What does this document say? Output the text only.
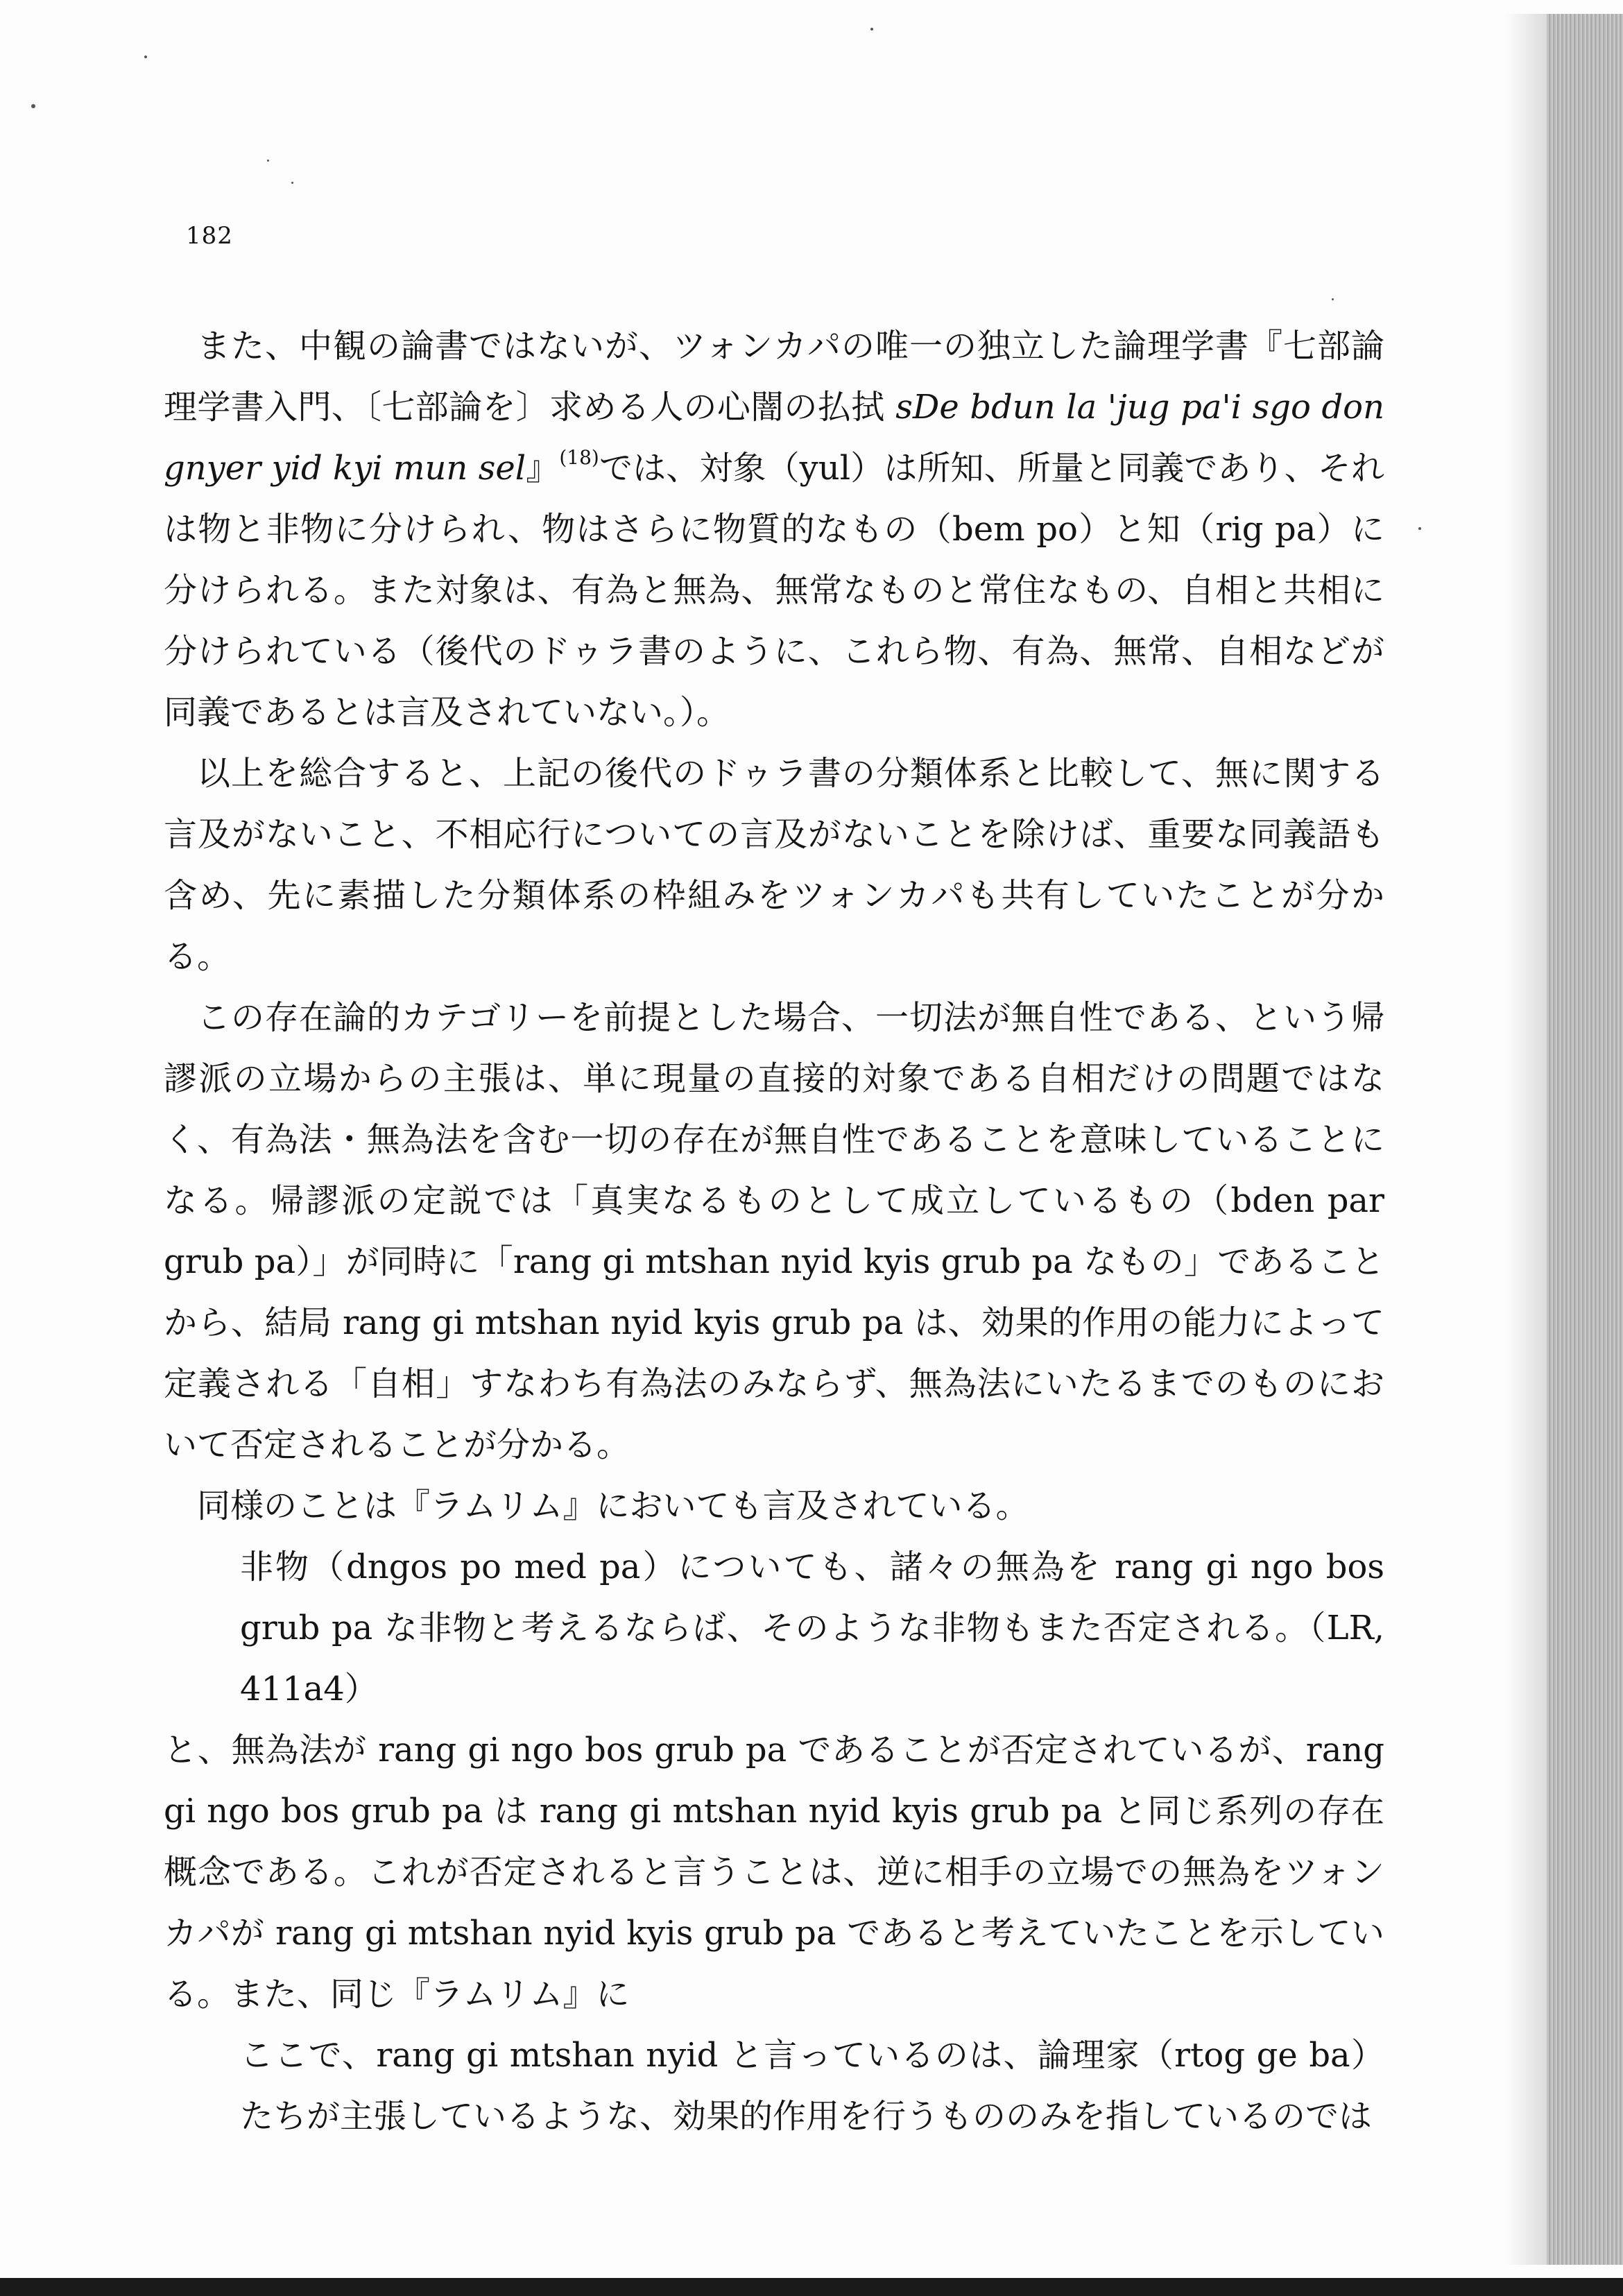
182

また、中観の論書ではないが、ツォンカパの唯一の独立した論理学書『七部論理学書入門、〔七部論を〕求める人の心闇の払拭 sDe bdun la 'jug pa'i sgo don gnyer yid kyi mun sel』$^{(18)}$では、対象（yul）は所知、所量と同義であり、それは物と非物に分けられ、物はさらに物質的なもの（bem po）と知（rig pa）に分けられる。また対象は、有為と無為、無常なものと常住なもの、自相と共相に分けられている（後代のドゥラ書のように、これら物、有為、無常、自相などが同義であるとは言及されていない。）。

以上を総合すると、上記の後代のドゥラ書の分類体系と比較して、無に関する言及がないこと、不相応行についての言及がないことを除けば、重要な同義語も含め、先に素描した分類体系の枠組みをツォンカパも共有していたことが分かる。

この存在論的カテゴリーを前提とした場合、一切法が無自性である、という帰謬派の立場からの主張は、単に現量の直接的対象である自相だけの問題ではなく、有為法・無為法を含む一切の存在が無自性であることを意味していることになる。帰謬派の定説では「真実なるものとして成立しているもの（bden par grub pa）」が同時に「rang gi mtshan nyid kyis grub pa なもの」であることから、結局 rang gi mtshan nyid kyis grub pa は、効果的作用の能力によって定義される「自相」すなわち有為法のみならず、無為法にいたるまでのものにおいて否定されることが分かる。

同様のことは『ラムリム』においても言及されている。

非物（dngos po med pa）についても、諸々の無為を rang gi ngo bos grub pa な非物と考えるならば、そのような非物もまた否定される。（LR, 411a4）

と、無為法が rang gi ngo bos grub pa であることが否定されているが、rang gi ngo bos grub pa は rang gi mtshan nyid kyis grub pa と同じ系列の存在概念である。これが否定されると言うことは、逆に相手の立場での無為をツォンカパが rang gi mtshan nyid kyis grub pa であると考えていたことを示している。また、同じ『ラムリム』に

ここで、rang gi mtshan nyid と言っているのは、論理家（rtog ge ba）たちが主張しているような、効果的作用を行うもののみを指しているのでは
